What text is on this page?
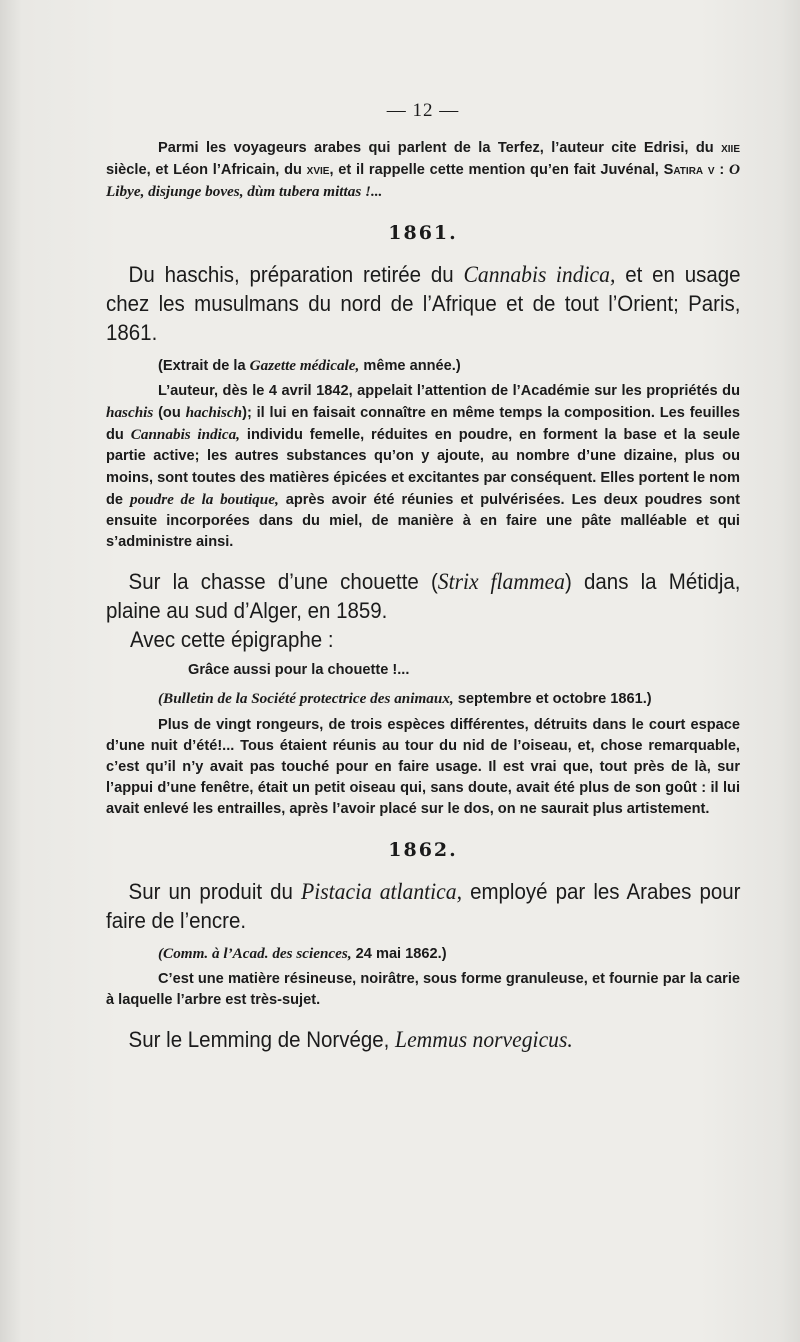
— 12 —

Parmi les voyageurs arabes qui parlent de la Terfez, l’auteur cite Edrisi, du xiie siècle, et Léon l’Africain, du xvie, et il rappelle cette mention qu’en fait Juvénal, Satira v : O Libye, disjunge boves, dùm tubera mittas !...

1861.

Du haschis, préparation retirée du Cannabis indica, et en usage chez les musulmans du nord de l’Afrique et de tout l’Orient; Paris, 1861.

(Extrait de la Gazette médicale, même année.)

L’auteur, dès le 4 avril 1842, appelait l’attention de l’Académie sur les propriétés du haschis (ou hachisch); il lui en faisait connaître en même temps la composition. Les feuilles du Cannabis indica, individu femelle, réduites en poudre, en forment la base et la seule partie active; les autres substances qu’on y ajoute, au nombre d’une dizaine, plus ou moins, sont toutes des matières épicées et excitantes par conséquent. Elles portent le nom de poudre de la boutique, après avoir été réunies et pulvérisées. Les deux poudres sont ensuite incorporées dans du miel, de manière à en faire une pâte malléable et qui s’administre ainsi.

Sur la chasse d’une chouette (Strix flammea) dans la Métidja, plaine au sud d’Alger, en 1859.

Avec cette épigraphe :

Grâce aussi pour la chouette !...

(Bulletin de la Société protectrice des animaux, septembre et octobre 1861.)

Plus de vingt rongeurs, de trois espèces différentes, détruits dans le court espace d’une nuit d’été!... Tous étaient réunis au tour du nid de l’oiseau, et, chose remarquable, c’est qu’il n’y avait pas touché pour en faire usage. Il est vrai que, tout près de là, sur l’appui d’une fenêtre, était un petit oiseau qui, sans doute, avait été plus de son goût : il lui avait enlevé les entrailles, après l’avoir placé sur le dos, on ne saurait plus artistement.

1862.

Sur un produit du Pistacia atlantica, employé par les Arabes pour faire de l’encre.

(Comm. à l’Acad. des sciences, 24 mai 1862.)

C’est une matière résineuse, noirâtre, sous forme granuleuse, et fournie par la carie à laquelle l’arbre est très-sujet.

Sur le Lemming de Norvége, Lemmus norvegicus.
